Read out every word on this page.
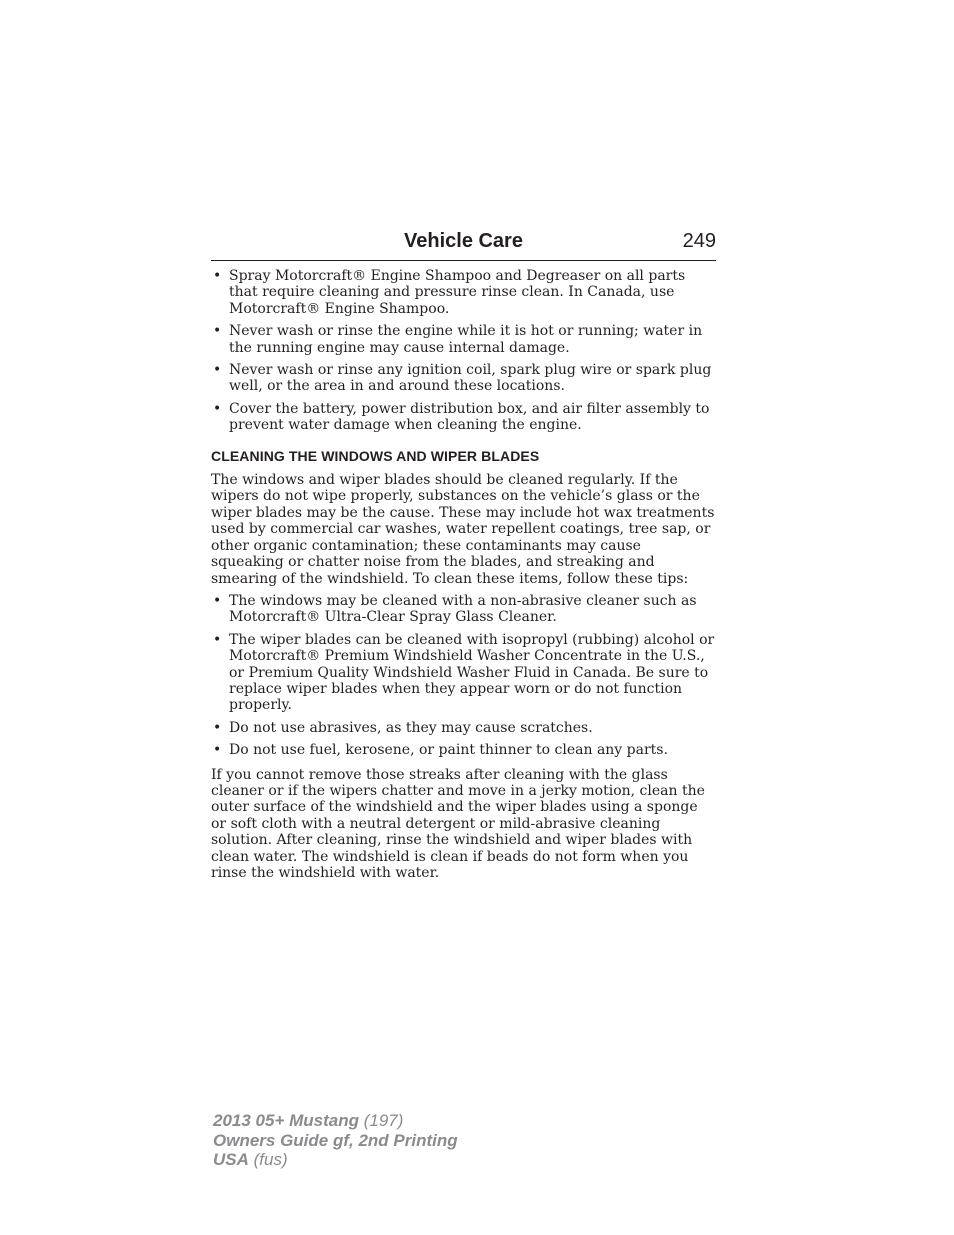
Vehicle Care	249
• Spray Motorcraft® Engine Shampoo and Degreaser on all parts that require cleaning and pressure rinse clean. In Canada, use Motorcraft® Engine Shampoo.
• Never wash or rinse the engine while it is hot or running; water in the running engine may cause internal damage.
• Never wash or rinse any ignition coil, spark plug wire or spark plug well, or the area in and around these locations.
• Cover the battery, power distribution box, and air filter assembly to prevent water damage when cleaning the engine.
CLEANING THE WINDOWS AND WIPER BLADES

The windows and wiper blades should be cleaned regularly. If the wipers do not wipe properly, substances on the vehicle’s glass or the wiper blades may be the cause. These may include hot wax treatments used by commercial car washes, water repellent coatings, tree sap, or other organic contamination; these contaminants may cause squeaking or chatter noise from the blades, and streaking and smearing of the windshield. To clean these items, follow these tips:

• The windows may be cleaned with a non-abrasive cleaner such as Motorcraft® Ultra-Clear Spray Glass Cleaner.
• The wiper blades can be cleaned with isopropyl (rubbing) alcohol or Motorcraft® Premium Windshield Washer Concentrate in the U.S., or Premium Quality Windshield Washer Fluid in Canada. Be sure to replace wiper blades when they appear worn or do not function properly.
• Do not use abrasives, as they may cause scratches.
• Do not use fuel, kerosene, or paint thinner to clean any parts.

If you cannot remove those streaks after cleaning with the glass cleaner or if the wipers chatter and move in a jerky motion, clean the outer surface of the windshield and the wiper blades using a sponge or soft cloth with a neutral detergent or mild-abrasive cleaning solution. After cleaning, rinse the windshield and wiper blades with clean water. The windshield is clean if beads do not form when you rinse the windshield with water.

2013 05+ Mustang (197)
Owners Guide gf, 2nd Printing
USA (fus)
